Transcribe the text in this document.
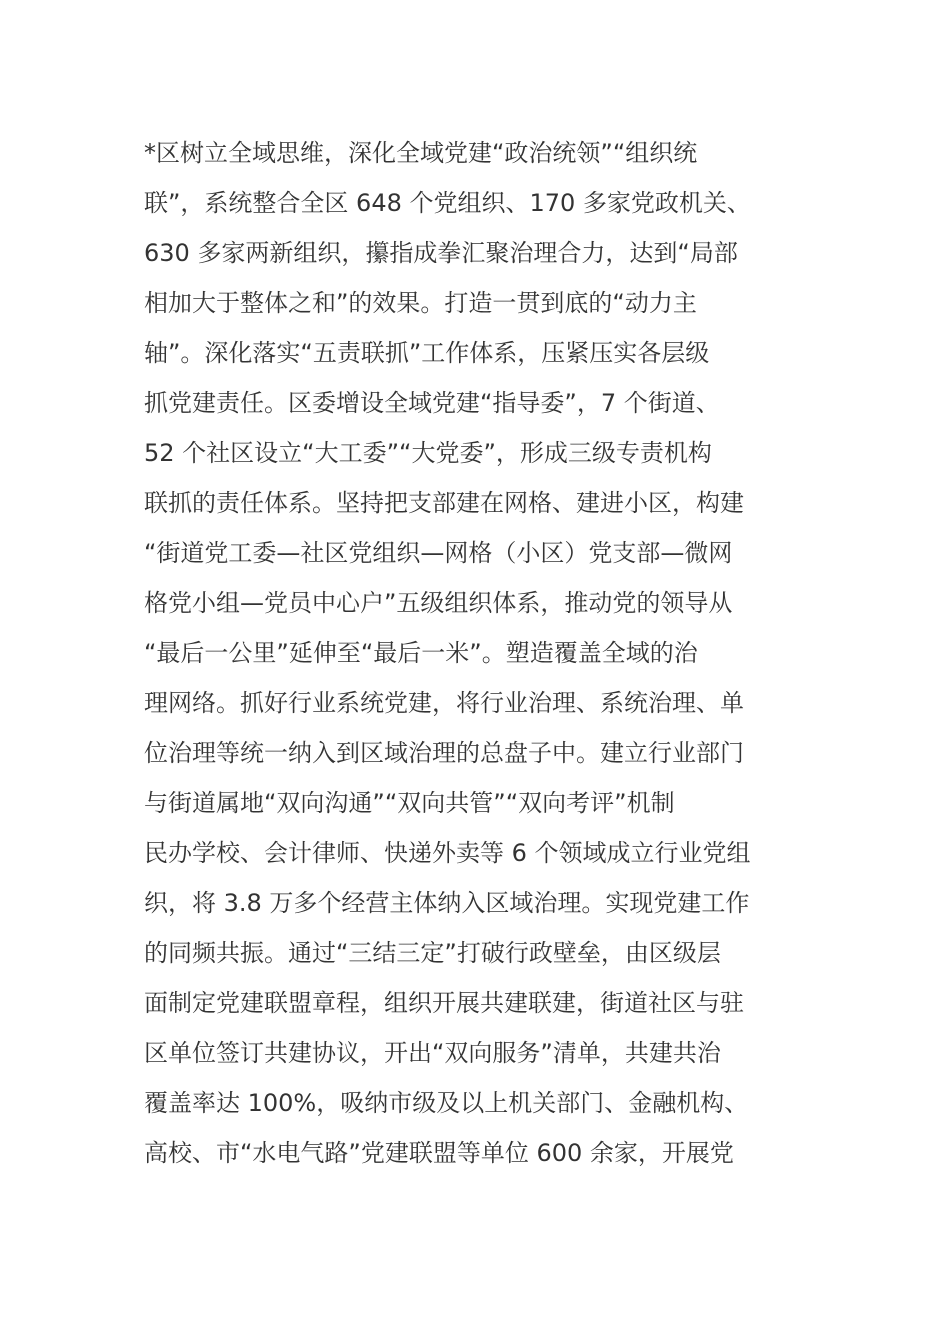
*区树立全域思维，深化全域党建“政治统领”“组织统
联”，系统整合全区 648 个党组织、170 多家党政机关、
630 多家两新组织，攥指成拳汇聚治理合力，达到“局部
相加大于整体之和”的效果。打造一贯到底的“动力主
轴”。深化落实“五责联抓”工作体系，压紧压实各层级
抓党建责任。区委增设全域党建“指导委”，7 个街道、
52 个社区设立“大工委”“大党委”，形成三级专责机构
联抓的责任体系。坚持把支部建在网格、建进小区，构建
“街道党工委—社区党组织—网格（小区）党支部—微网
格党小组—党员中心户”五级组织体系，推动党的领导从
“最后一公里”延伸至“最后一米”。塑造覆盖全域的治
理网络。抓好行业系统党建，将行业治理、系统治理、单
位治理等统一纳入到区域治理的总盘子中。建立行业部门
与街道属地“双向沟通”“双向共管”“双向考评”机制
民办学校、会计律师、快递外卖等 6 个领域成立行业党组
织，将 3.8 万多个经营主体纳入区域治理。实现党建工作
的同频共振。通过“三结三定”打破行政壁垒，由区级层
面制定党建联盟章程，组织开展共建联建，街道社区与驻
区单位签订共建协议，开出“双向服务”清单，共建共治
覆盖率达 100%，吸纳市级及以上机关部门、金融机构、
高校、市“水电气路”党建联盟等单位 600 余家，开展党
